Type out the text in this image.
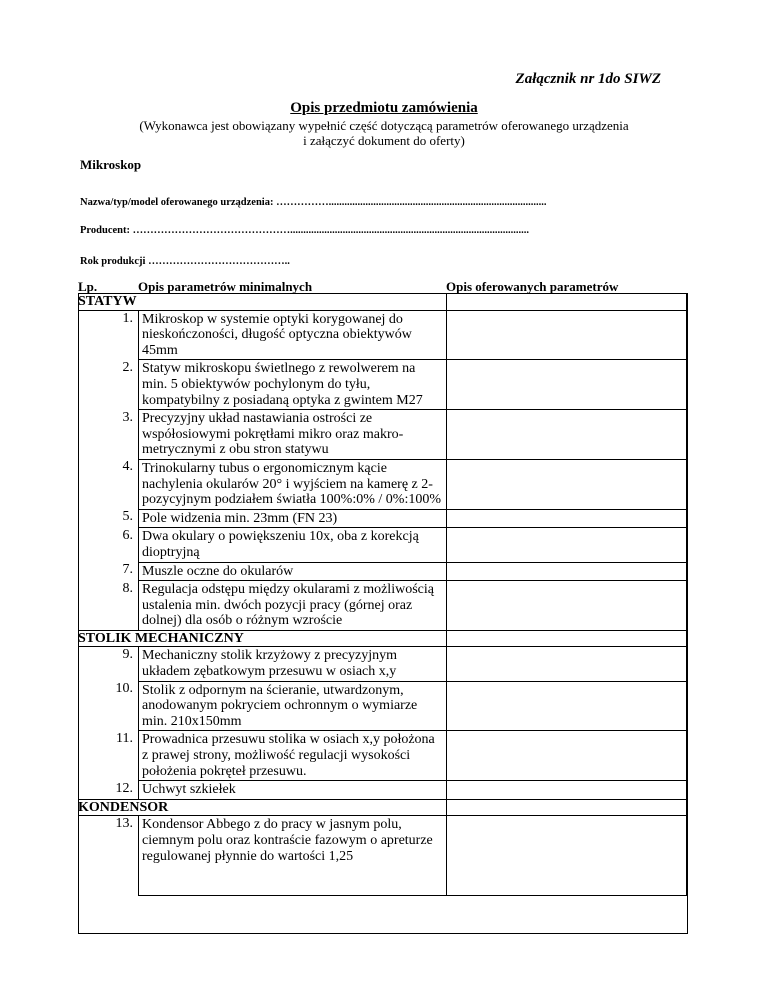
Załącznik nr 1do SIWZ
Opis przedmiotu zamówienia
(Wykonawca jest obowiązany wypełnić część dotyczącą parametrów oferowanego urządzenia
i załączyć dokument do oferty)
Mikroskop
Nazwa/typ/model oferowanego urządzenia: ……………...................................................................................
Producent: ………………………………………...........................................................................................
Rok produkcji …………………………………..
Lp.	Opis parametrów minimalnych	Opis oferowanych parametrów
STATYW		
1.	Mikroskop w systemie optyki korygowanej do nieskończoności, długość optyczna obiektywów 45mm	
2.	Statyw mikroskopu świetlnego z rewolwerem na min. 5 obiektywów pochylonym do tyłu, kompatybilny z posiadaną optyka z gwintem M27	
3.	Precyzyjny układ nastawiania ostrości ze współosiowymi pokrętłami mikro oraz makro-metrycznymi z obu stron statywu	
4.	Trinokularny tubus o ergonomicznym kącie nachylenia okularów 20° i wyjściem na kamerę z 2-pozycyjnym podziałem światła 100%:0% / 0%:100%	
5.	Pole widzenia min. 23mm (FN 23)	
6.	Dwa okulary o powiększeniu 10x, oba z korekcją dioptryjną	
7.	Muszle oczne do okularów	
8.	Regulacja odstępu między okularami z możliwością ustalenia min. dwóch pozycji pracy (górnej oraz dolnej) dla osób o różnym wzroście	
STOLIK MECHANICZNY		
9.	Mechaniczny stolik krzyżowy z precyzyjnym układem zębatkowym przesuwu w osiach x,y	
10.	Stolik z odpornym na ścieranie, utwardzonym, anodowanym pokryciem ochronnym o wymiarze min. 210x150mm	
11.	Prowadnica przesuwu stolika w osiach x,y położona z prawej strony, możliwość regulacji wysokości położenia pokręteł przesuwu.	
12.	Uchwyt szkiełek	
KONDENSOR		
13.	Kondensor Abbego z do pracy w jasnym polu, ciemnym polu oraz kontraście fazowym o apreturze regulowanej płynnie do wartości 1,25	
